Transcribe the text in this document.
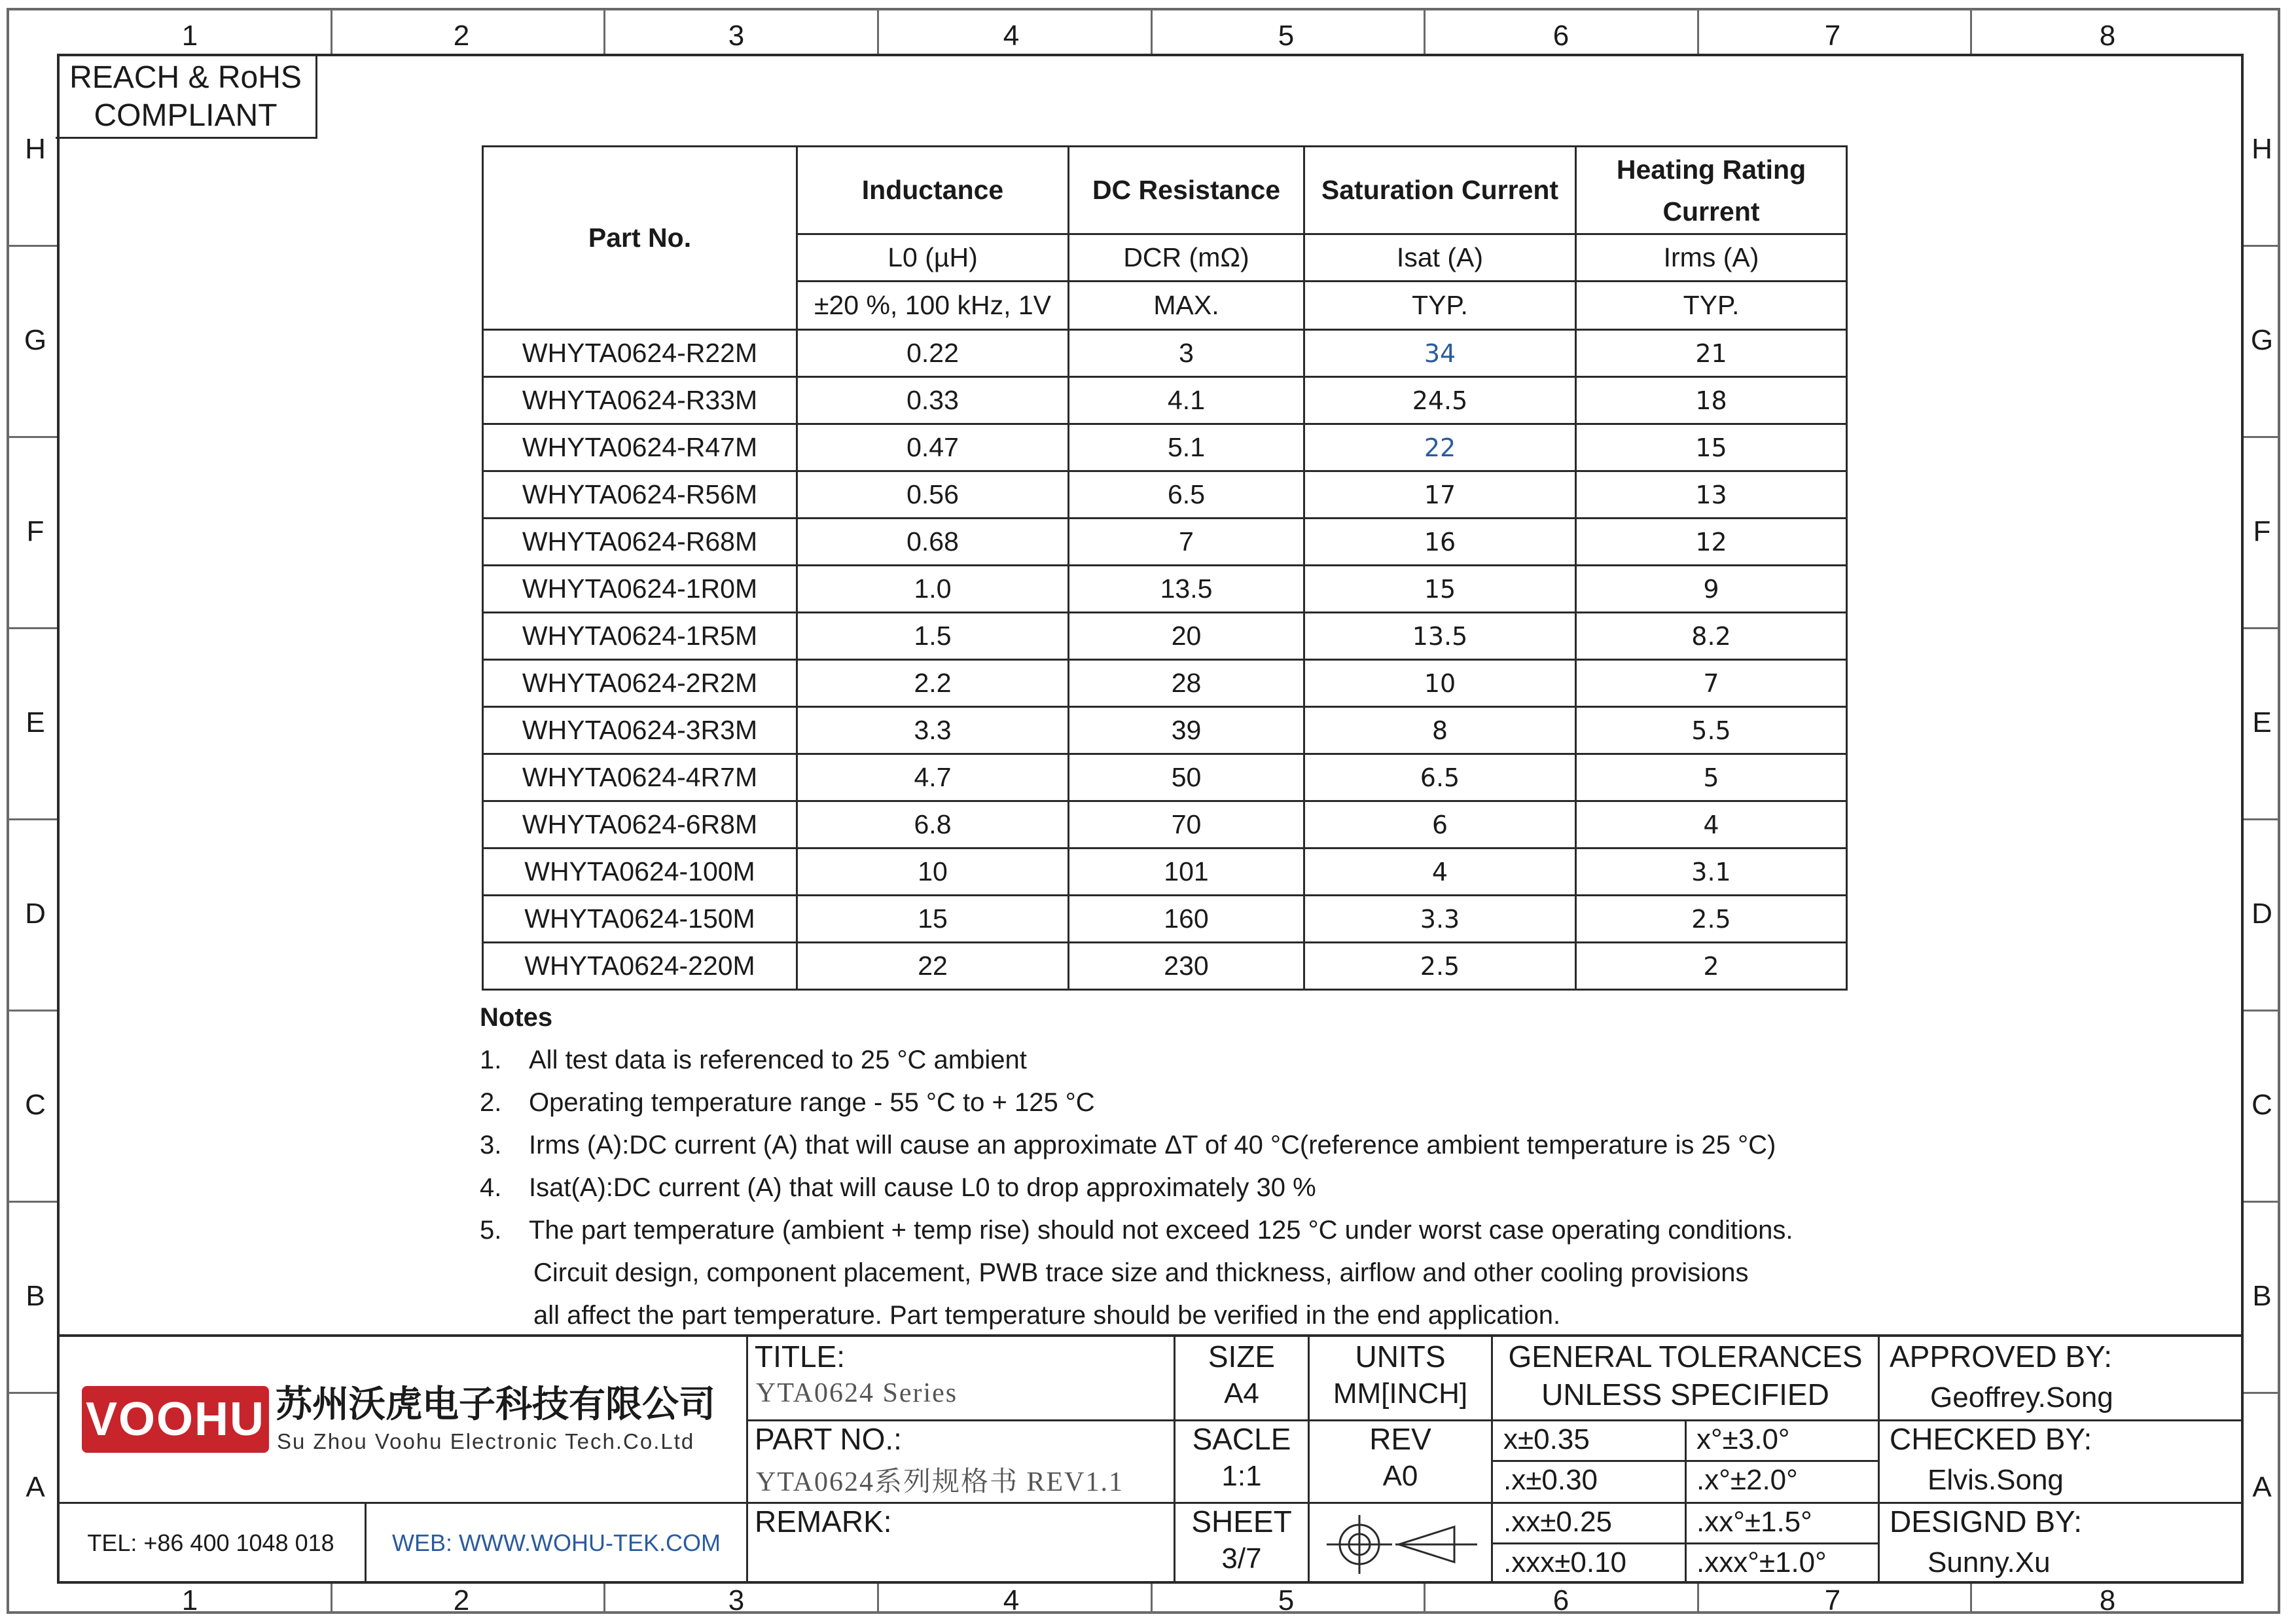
1
1
2
2
3
3
4
4
5
5
6
6
7
7
8
8
H	H
G	G
F	F
E	E
D	D
C	C
B	B
A	A
REACH & RoHS
COMPLIANT
Part No.	Inductance	DC Resistance	Saturation Current	Heating Rating Current
	L0 (µH)	DCR (mΩ)	Isat (A)	Irms (A)
	±20 %, 100 kHz, 1V	MAX.	TYP.	TYP.
WHYTA0624-R22M	0.22	3	34	21
WHYTA0624-R33M	0.33	4.1	24.5	18
WHYTA0624-R47M	0.47	5.1	22	15
WHYTA0624-R56M	0.56	6.5	17	13
WHYTA0624-R68M	0.68	7	16	12
WHYTA0624-1R0M	1.0	13.5	15	9
WHYTA0624-1R5M	1.5	20	13.5	8.2
WHYTA0624-2R2M	2.2	28	10	7
WHYTA0624-3R3M	3.3	39	8	5.5
WHYTA0624-4R7M	4.7	50	6.5	5
WHYTA0624-6R8M	6.8	70	6	4
WHYTA0624-100M	10	101	4	3.1
WHYTA0624-150M	15	160	3.3	2.5
WHYTA0624-220M	22	230	2.5	2
Notes
1. All test data is referenced to 25 °C ambient
2. Operating temperature range - 55 °C to + 125 °C
3. Irms (A):DC current (A) that will cause an approximate ΔT of 40 °C(reference ambient temperature is 25 °C)
4. Isat(A):DC current (A) that will cause L0 to drop approximately 30 %
5. The part temperature (ambient + temp rise) should not exceed 125 °C under worst case operating conditions.
Circuit design, component placement, PWB trace size and thickness, airflow and other cooling provisions
all affect the part temperature. Part temperature should be verified in the end application.
VOOHU 苏州沃虎电子科技有限公司
Su Zhou Voohu Electronic Tech.Co.Ltd
TEL: +86 400 1048 018	WEB: WWW.WOHU-TEK.COM
TITLE:
YTA0624 Series
PART NO.:
YTA0624系列规格书 REV1.1
REMARK:
SIZE
A4
SACLE
1:1
SHEET
3/7
UNITS
MM[INCH]
REV
A0
GENERAL TOLERANCES
UNLESS SPECIFIED
APPROVED BY:
Geoffrey.Song
CHECKED BY:
Elvis.Song
DESIGND BY:
Sunny.Xu
x±0.35	x°±3.0°
.x±0.30	.x°±2.0°
.xx±0.25	.xx°±1.5°
.xxx±0.10 .xxx°±1.0°
